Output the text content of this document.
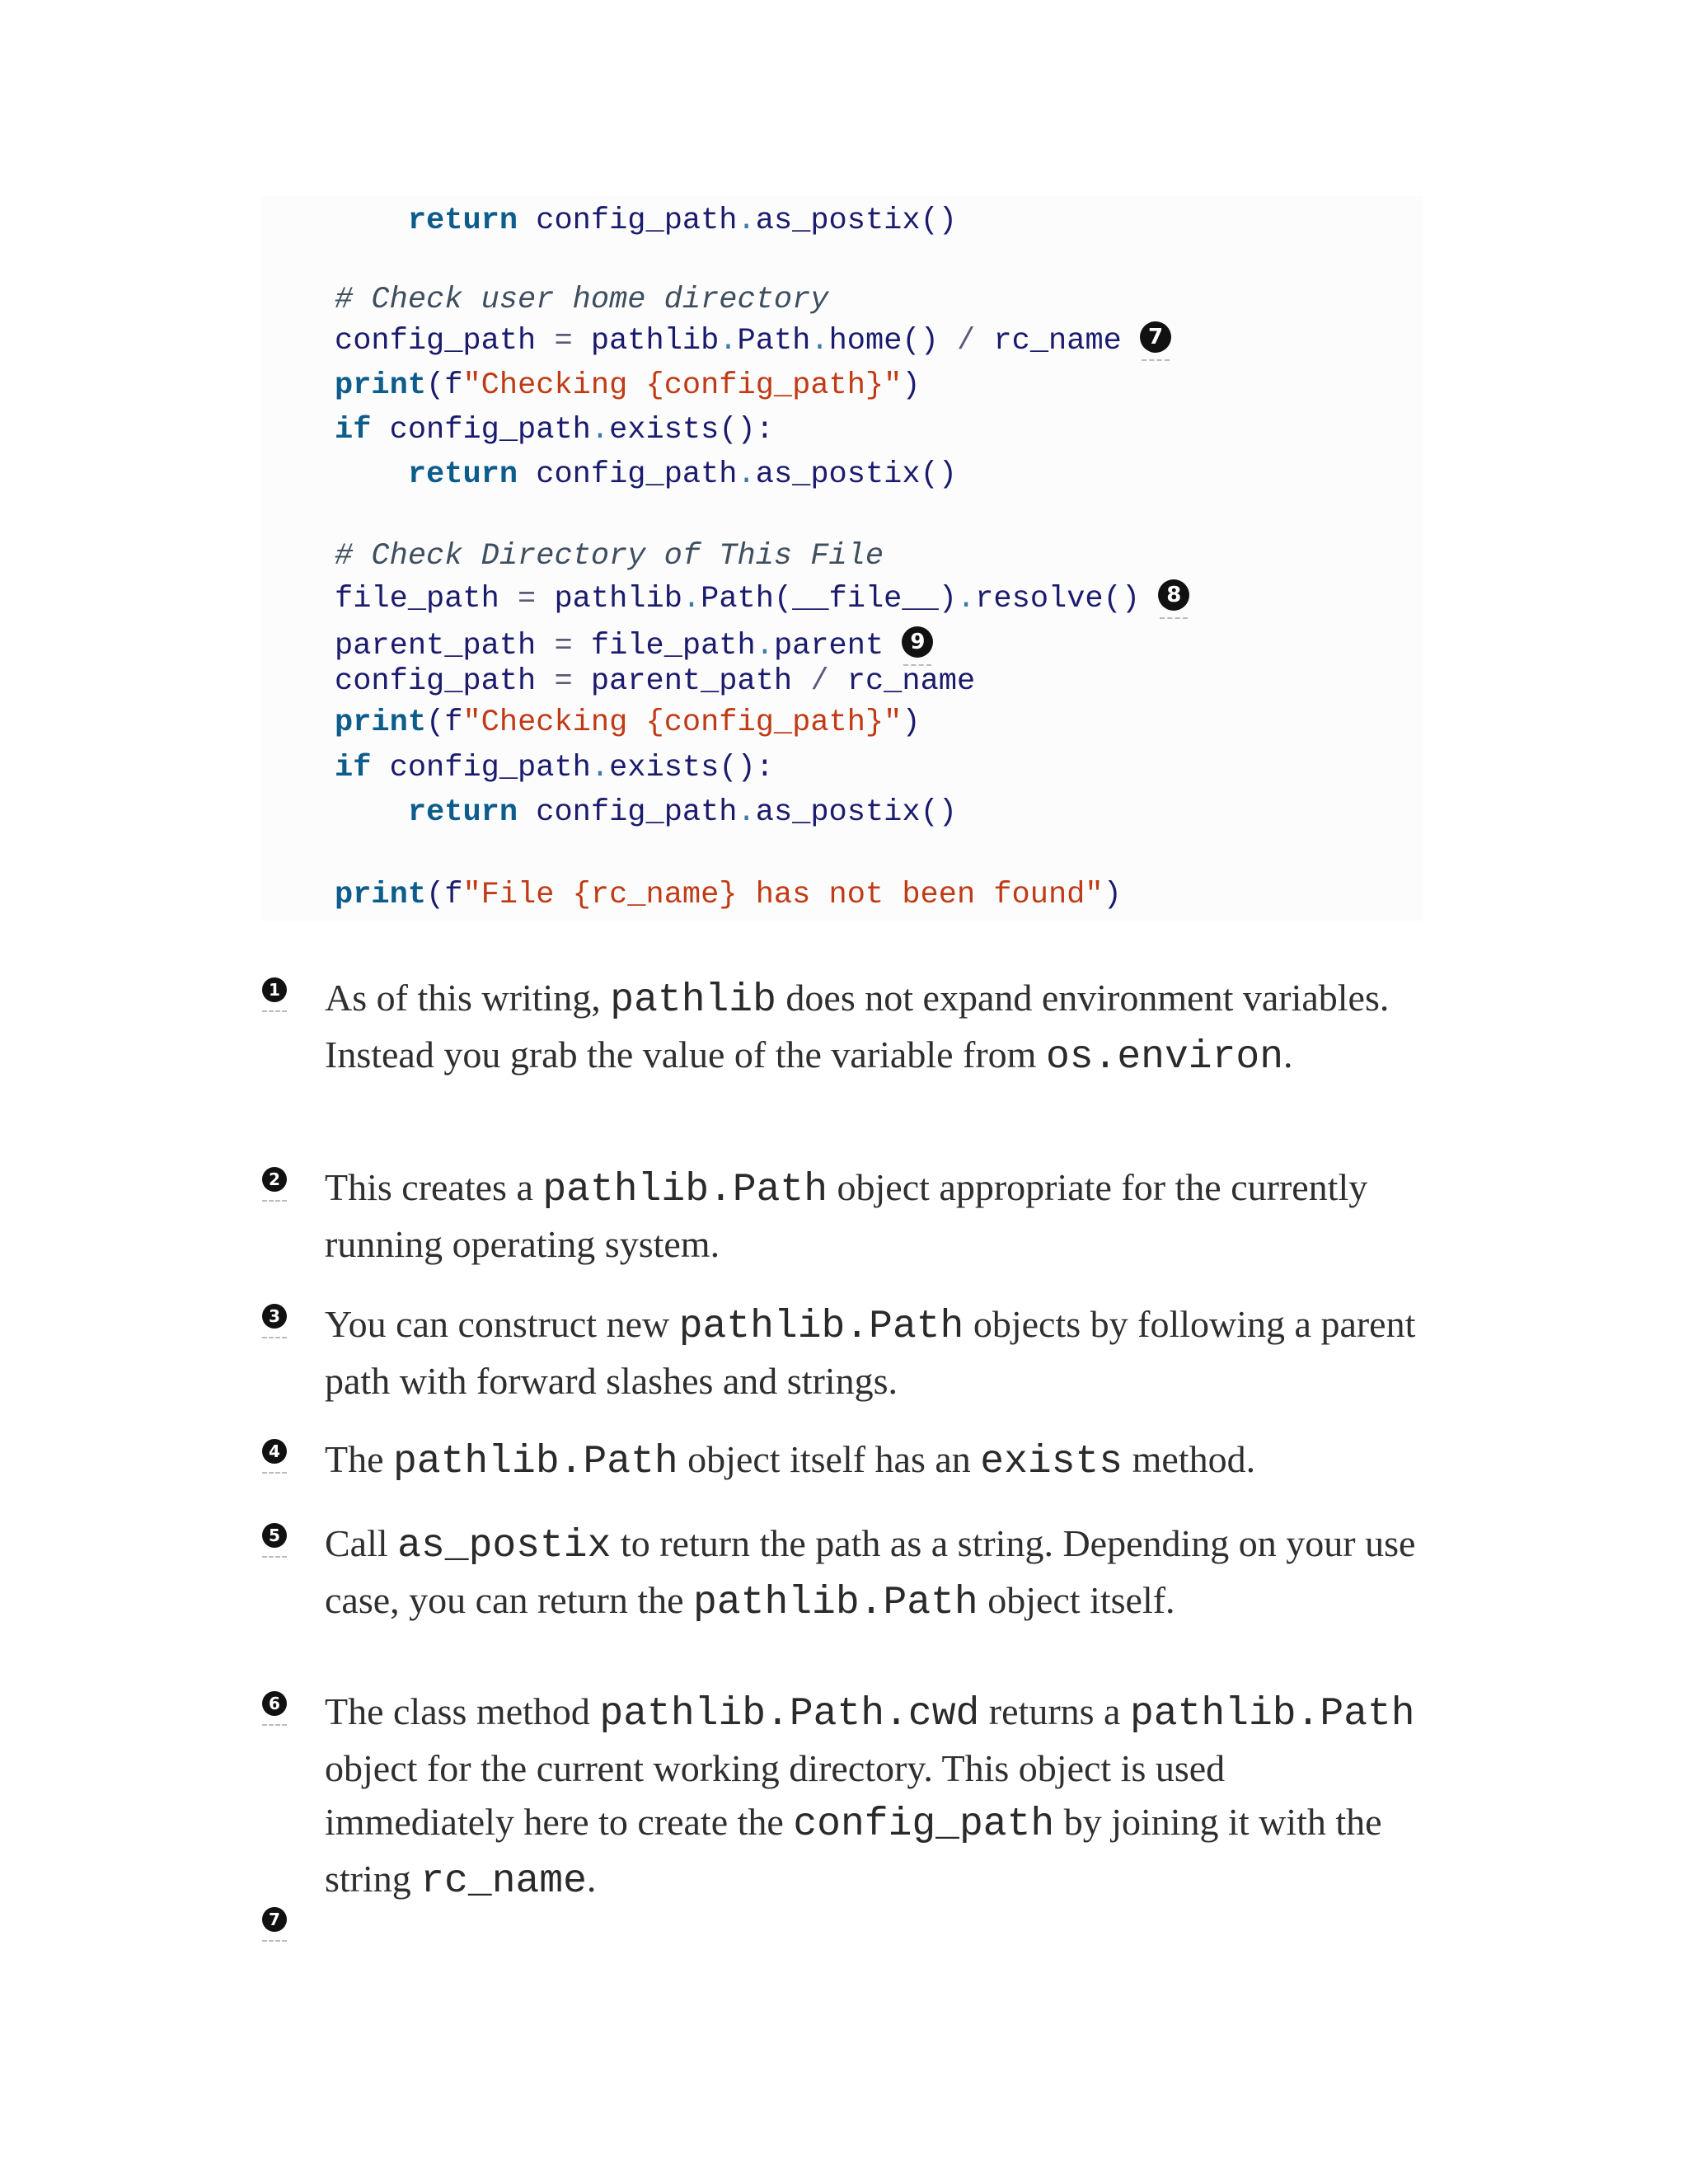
return config_path.as_postix()
# Check user home directory
config_path = pathlib.Path.home() / rc_name 7
print(f"Checking {config_path}")
if config_path.exists():
return config_path.as_postix()
# Check Directory of This File
file_path = pathlib.Path(__file__).resolve() 8
parent_path = file_path.parent 9
config_path = parent_path / rc_name
print(f"Checking {config_path}")
if config_path.exists():
return config_path.as_postix()
print(f"File {rc_name} has not been found")
1 As of this writing, pathlib does not expand environment variables. Instead you grab the value of the variable from os.environ.
2 This creates a pathlib.Path object appropriate for the currently running operating system.
3 You can construct new pathlib.Path objects by following a parent path with forward slashes and strings.
4 The pathlib.Path object itself has an exists method.
5 Call as_postix to return the path as a string. Depending on your use case, you can return the pathlib.Path object itself.
6 The class method pathlib.Path.cwd returns a pathlib.Path object for the current working directory. This object is used immediately here to create the config_path by joining it with the string rc_name.
7
